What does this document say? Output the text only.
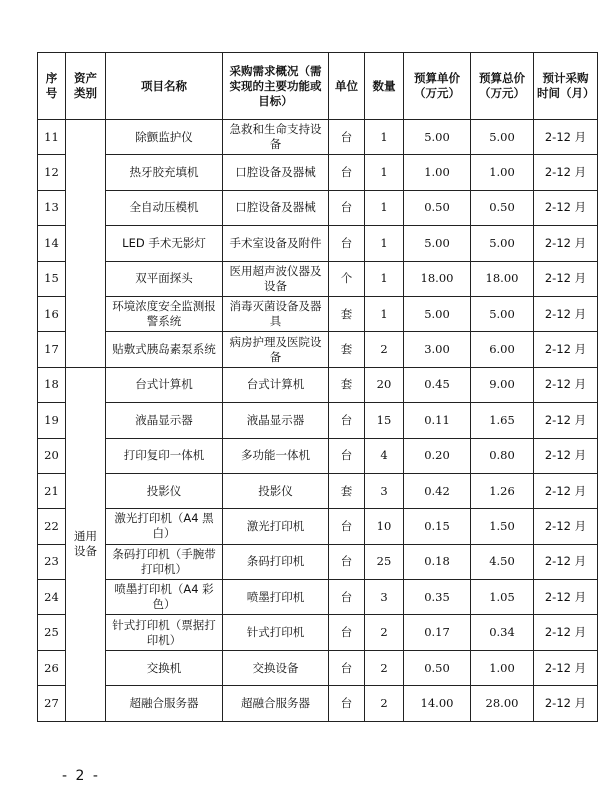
序号	资产类别	项目名称	采购需求概况（需实现的主要功能或目标）	单位	数量	预算单价（万元）	预算总价（万元）	预计采购时间（月）
11		除颤监护仪	急救和生命支持设备	台	1	5.00	5.00	2-12 月
12		热牙胶充填机	口腔设备及器械	台	1	1.00	1.00	2-12 月
13		全自动压模机	口腔设备及器械	台	1	0.50	0.50	2-12 月
14		LED 手术无影灯	手术室设备及附件	台	1	5.00	5.00	2-12 月
15		双平面探头	医用超声波仪器及设备	个	1	18.00	18.00	2-12 月
16		环境浓度安全监测报警系统	消毒灭菌设备及器具	套	1	5.00	5.00	2-12 月
17		贴敷式胰岛素泵系统	病房护理及医院设备	套	2	3.00	6.00	2-12 月
18	通用设备	台式计算机	台式计算机	套	20	0.45	9.00	2-12 月
19		液晶显示器	液晶显示器	台	15	0.11	1.65	2-12 月
20		打印复印一体机	多功能一体机	台	4	0.20	0.80	2-12 月
21		投影仪	投影仪	套	3	0.42	1.26	2-12 月
22		激光打印机（A4 黑白）	激光打印机	台	10	0.15	1.50	2-12 月
23		条码打印机（手腕带打印机）	条码打印机	台	25	0.18	4.50	2-12 月
24		喷墨打印机（A4 彩色）	喷墨打印机	台	3	0.35	1.05	2-12 月
25		针式打印机（票据打印机）	针式打印机	台	2	0.17	0.34	2-12 月
26		交换机	交换设备	台	2	0.50	1.00	2-12 月
27		超融合服务器	超融合服务器	台	2	14.00	28.00	2-12 月
- 2 -
